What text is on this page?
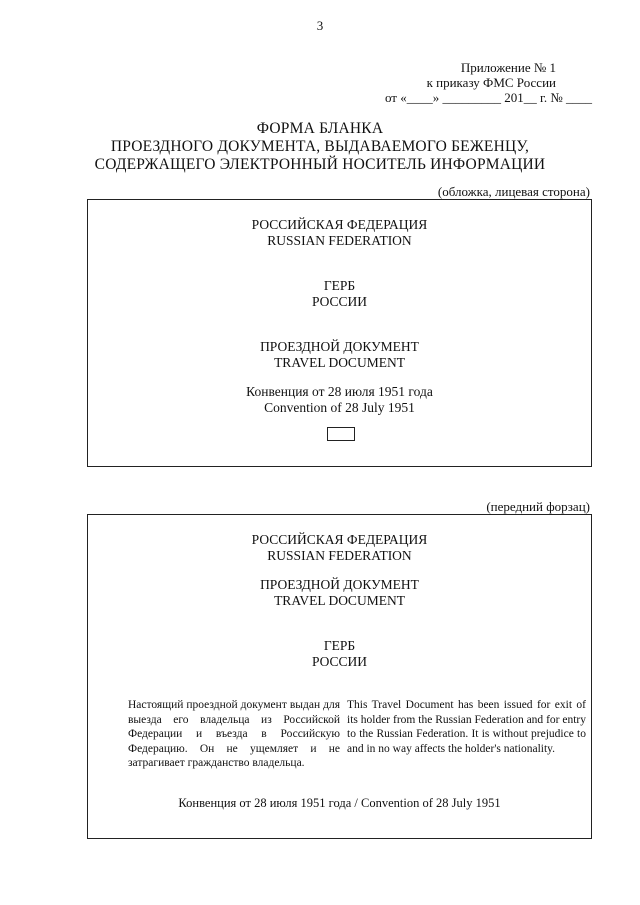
3
Приложение № 1
к приказу ФМС России
от «____» _________ 201__ г. № ____
ФОРМА БЛАНКА
ПРОЕЗДНОГО ДОКУМЕНТА, ВЫДАВАЕМОГО БЕЖЕНЦУ,
СОДЕРЖАЩЕГО ЭЛЕКТРОННЫЙ НОСИТЕЛЬ ИНФОРМАЦИИ
(обложка, лицевая сторона)
РОССИЙСКАЯ ФЕДЕРАЦИЯ
RUSSIAN FEDERATION
ГЕРБ
РОССИИ
ПРОЕЗДНОЙ ДОКУМЕНТ
TRAVEL DOCUMENT
Конвенция от 28 июля 1951 года
Convention of 28 July 1951
(передний форзац)
РОССИЙСКАЯ ФЕДЕРАЦИЯ
RUSSIAN FEDERATION
ПРОЕЗДНОЙ ДОКУМЕНТ
TRAVEL DOCUMENT
ГЕРБ
РОССИИ
Настоящий проездной документ выдан для выезда его владельца из Российской Федерации и въезда в Российскую Федерацию. Он не ущемляет и не затрагивает гражданство владельца.
This Travel Document has been issued for exit of its holder from the Russian Federation and for entry to the Russian Federation. It is without prejudice to and in no way affects the holder's nationality.
Конвенция от 28 июля 1951 года / Convention of 28 July 1951
